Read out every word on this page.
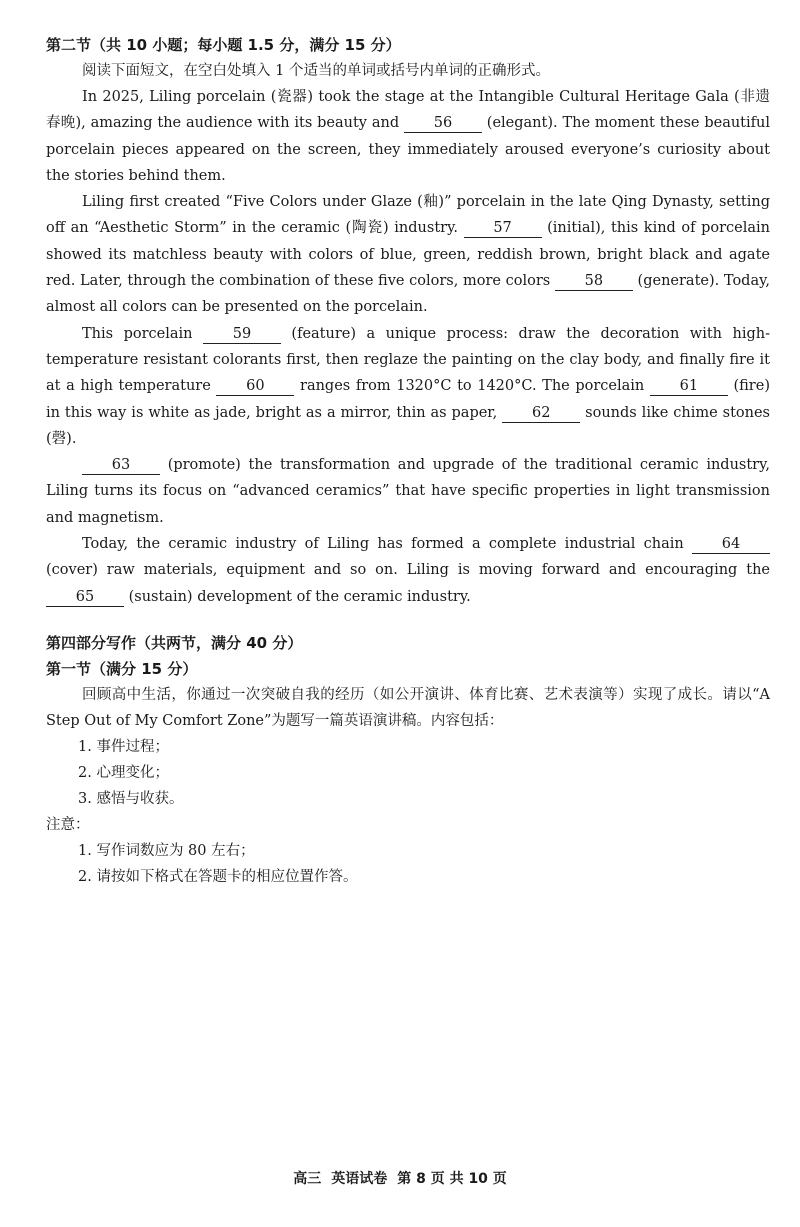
第二节（共 10 小题；每小题 1.5 分，满分 15 分）

阅读下面短文，在空白处填入 1 个适当的单词或括号内单词的正确形式。

In 2025, Liling porcelain (瓷器) took the stage at the Intangible Cultural Heritage Gala (非遗春晚), amazing the audience with its beauty and 56 (elegant). The moment these beautiful porcelain pieces appeared on the screen, they immediately aroused everyone’s curiosity about the stories behind them.

Liling first created “Five Colors under Glaze (釉)” porcelain in the late Qing Dynasty, setting off an “Aesthetic Storm” in the ceramic (陶瓷) industry. 57 (initial), this kind of porcelain showed its matchless beauty with colors of blue, green, reddish brown, bright black and agate red. Later, through the combination of these five colors, more colors 58 (generate). Today, almost all colors can be presented on the porcelain.

This porcelain 59 (feature) a unique process: draw the decoration with high-temperature resistant colorants first, then reglaze the painting on the clay body, and finally fire it at a high temperature 60 ranges from 1320°C to 1420°C. The porcelain 61 (fire) in this way is white as jade, bright as a mirror, thin as paper, 62 sounds like chime stones (磬).

63 (promote) the transformation and upgrade of the traditional ceramic industry, Liling turns its focus on “advanced ceramics” that have specific properties in light transmission and magnetism.

Today, the ceramic industry of Liling has formed a complete industrial chain 64 (cover) raw materials, equipment and so on. Liling is moving forward and encouraging the 65 (sustain) development of the ceramic industry.

第四部分写作（共两节，满分 40 分）

第一节（满分 15 分）

回顾高中生活，你通过一次突破自我的经历（如公开演讲、体育比赛、艺术表演等）实现了成长。请以“A Step Out of My Comfort Zone”为题写一篇英语演讲稿。内容包括：

1. 事件过程；

2. 心理变化；

3. 感悟与收获。

注意：

1. 写作词数应为 80 左右；

2. 请按如下格式在答题卡的相应位置作答。

高三 英语试卷 第 8 页 共 10 页
